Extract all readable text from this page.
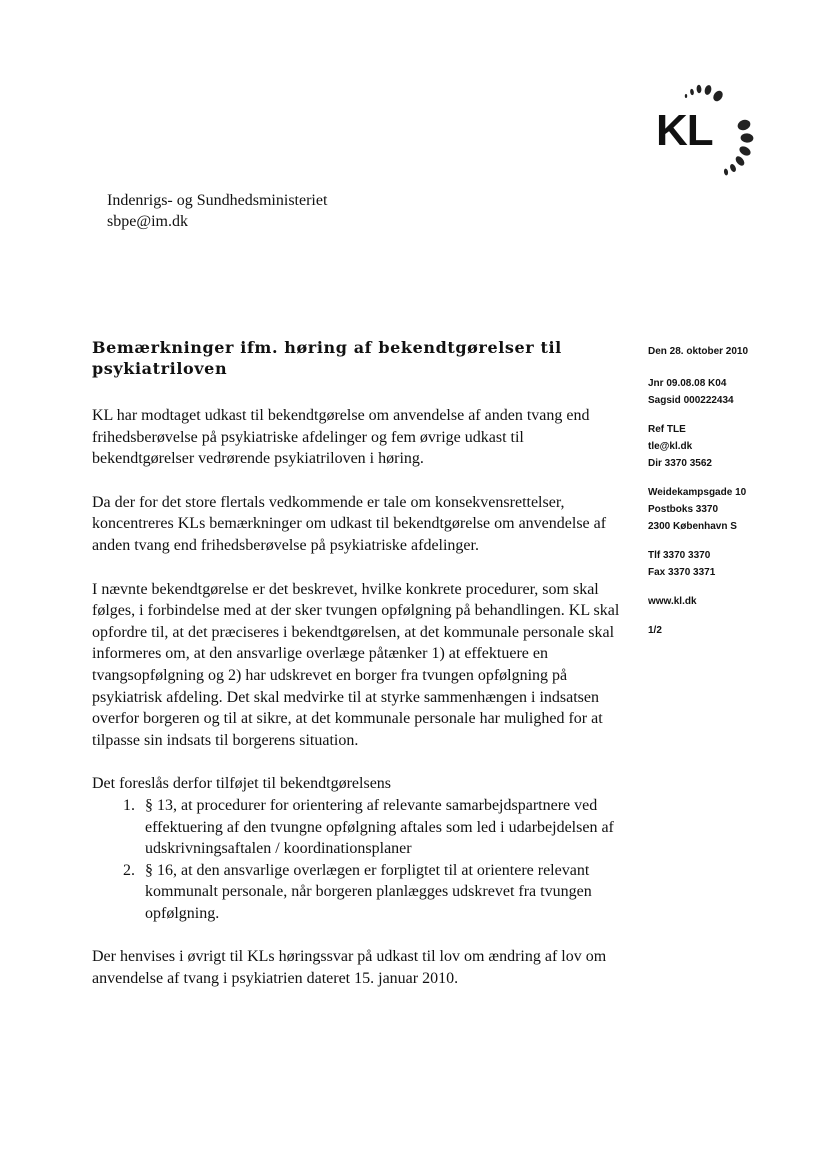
KL
Indenrigs- og Sundhedsministeriet
sbpe@im.dk
Bemærkninger ifm. høring af bekendtgørelser til psykiatriloven
Den 28. oktober 2010
Jnr 09.08.08 K04
Sagsid 000222434
Ref TLE
tle@kl.dk
Dir 3370 3562
Weidekampsgade 10
Postboks 3370
2300 København S
Tlf 3370 3370
Fax 3370 3371
www.kl.dk
1/2

KL har modtaget udkast til bekendtgørelse om anvendelse af anden tvang end frihedsberøvelse på psykiatriske afdelinger og fem øvrige udkast til bekendtgørelser vedrørende psykiatriloven i høring.

Da der for det store flertals vedkommende er tale om konsekvensrettelser, koncentreres KLs bemærkninger om udkast til bekendtgørelse om anvendelse af anden tvang end frihedsberøvelse på psykiatriske afdelinger.

I nævnte bekendtgørelse er det beskrevet, hvilke konkrete procedurer, som skal følges, i forbindelse med at der sker tvungen opfølgning på behandlingen. KL skal opfordre til, at det præciseres i bekendtgørelsen, at det kommunale personale skal informeres om, at den ansvarlige overlæge påtænker 1) at effektuere en tvangsopfølgning og 2) har udskrevet en borger fra tvungen opfølgning på psykiatrisk afdeling. Det skal medvirke til at styrke sammenhængen i indsatsen overfor borgeren og til at sikre, at det kommunale personale har mulighed for at tilpasse sin indsats til borgerens situation.

Det foreslås derfor tilføjet til bekendtgørelsens

1. § 13, at procedurer for orientering af relevante samarbejdspartnere ved effektuering af den tvungne opfølgning aftales som led i udarbejdelsen af udskrivningsaftalen / koordinationsplaner
2. § 16, at den ansvarlige overlægen er forpligtet til at orientere relevant kommunalt personale, når borgeren planlægges udskrevet fra tvungen opfølgning.

Der henvises i øvrigt til KLs høringssvar på udkast til lov om ændring af lov om anvendelse af tvang i psykiatrien dateret 15. januar 2010.
